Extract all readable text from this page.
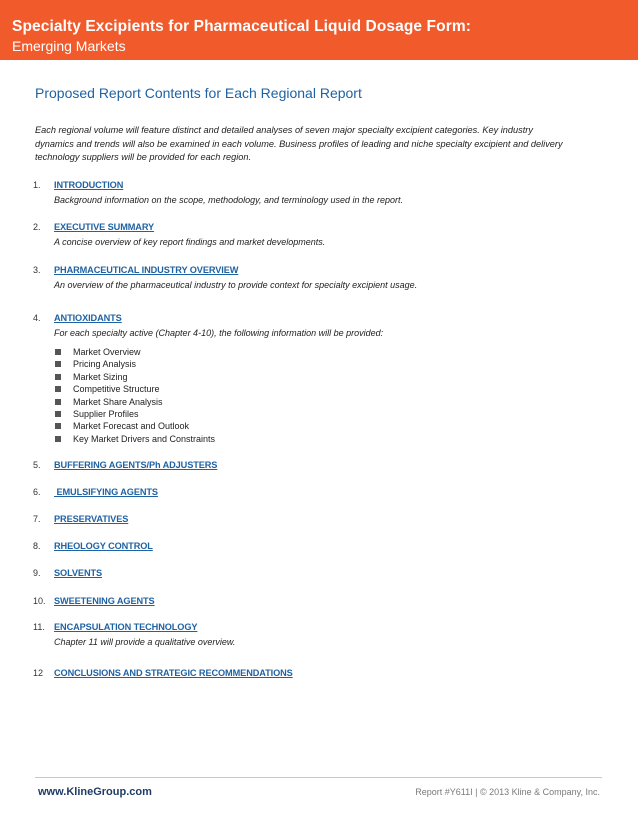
Specialty Excipients for Pharmaceutical Liquid Dosage Form:
Emerging Markets
Proposed Report Contents for Each Regional Report
Each regional volume will feature distinct and detailed analyses of seven major specialty excipient categories. Key industry
dynamics and trends will also be examined in each volume. Business profiles of leading and niche specialty excipient and delivery
technology suppliers will be provided for each region.
1. INTRODUCTION
Background information on the scope, methodology, and terminology used in the report.
2. EXECUTIVE SUMMARY
A concise overview of key report findings and market developments.
3. PHARMACEUTICAL INDUSTRY OVERVIEW
An overview of the pharmaceutical industry to provide context for specialty excipient usage.
4. ANTIOXIDANTS
For each specialty active (Chapter 4-10), the following information will be provided:
Market Overview
Pricing Analysis
Market Sizing
Competitive Structure
Market Share Analysis
Supplier Profiles
Market Forecast and Outlook
Key Market Drivers and Constraints
5. BUFFERING AGENTS/Ph ADJUSTERS
6. EMULSIFYING AGENTS
7. PRESERVATIVES
8. RHEOLOGY CONTROL
9. SOLVENTS
10. SWEETENING AGENTS
11. ENCAPSULATION TECHNOLOGY
Chapter 11 will provide a qualitative overview.
12 CONCLUSIONS AND STRATEGIC RECOMMENDATIONS
www.KlineGroup.com	Report #Y611I | © 2013 Kline & Company, Inc.
